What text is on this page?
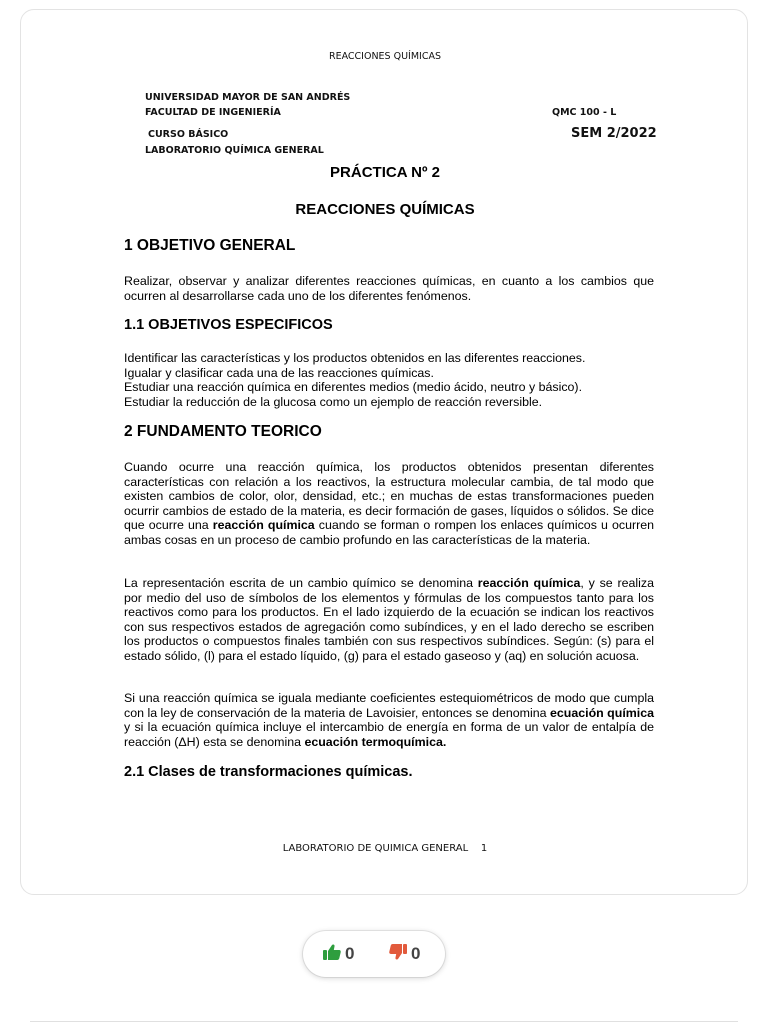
REACCIONES QUÍMICAS
UNIVERSIDAD MAYOR DE SAN ANDRÉS
FACULTAD DE INGENIERÍA	QMC 100 - L
CURSO BÁSICO	SEM 2/2022
LABORATORIO QUÍMICA GENERAL
PRÁCTICA Nº 2
REACCIONES QUÍMICAS
1 OBJETIVO GENERAL
Realizar, observar y analizar diferentes reacciones químicas, en cuanto a los cambios que ocurren al desarrollarse cada uno de los diferentes fenómenos.
1.1 OBJETIVOS ESPECIFICOS
Identificar las características y los productos obtenidos en las diferentes reacciones.
Igualar y clasificar cada una de las reacciones químicas.
Estudiar una reacción química en diferentes medios (medio ácido, neutro y básico).
Estudiar la reducción de la glucosa como un ejemplo de reacción reversible.
2 FUNDAMENTO TEORICO
Cuando ocurre una reacción química, los productos obtenidos presentan diferentes características con relación a los reactivos, la estructura molecular cambia, de tal modo que existen cambios de color, olor, densidad, etc.; en muchas de estas transformaciones pueden ocurrir cambios de estado de la materia, es decir formación de gases, líquidos o sólidos. Se dice que ocurre una reacción química cuando se forman o rompen los enlaces químicos u ocurren ambas cosas en un proceso de cambio profundo en las características de la materia.
La representación escrita de un cambio químico se denomina reacción química, y se realiza por medio del uso de símbolos de los elementos y fórmulas de los compuestos tanto para los reactivos como para los productos. En el lado izquierdo de la ecuación se indican los reactivos con sus respectivos estados de agregación como subíndices, y en el lado derecho se escriben los productos o compuestos finales también con sus respectivos subíndices. Según: (s) para el estado sólido, (l) para el estado líquido, (g) para el estado gaseoso y (aq) en solución acuosa.
Si una reacción química se iguala mediante coeficientes estequiométricos de modo que cumpla con la ley de conservación de la materia de Lavoisier, entonces se denomina ecuación química y si la ecuación química incluye el intercambio de energía en forma de un valor de entalpía de reacción (ΔH) esta se denomina ecuación termoquímica.
2.1 Clases de transformaciones químicas.
LABORATORIO DE QUIMICA GENERAL 1
0	0
